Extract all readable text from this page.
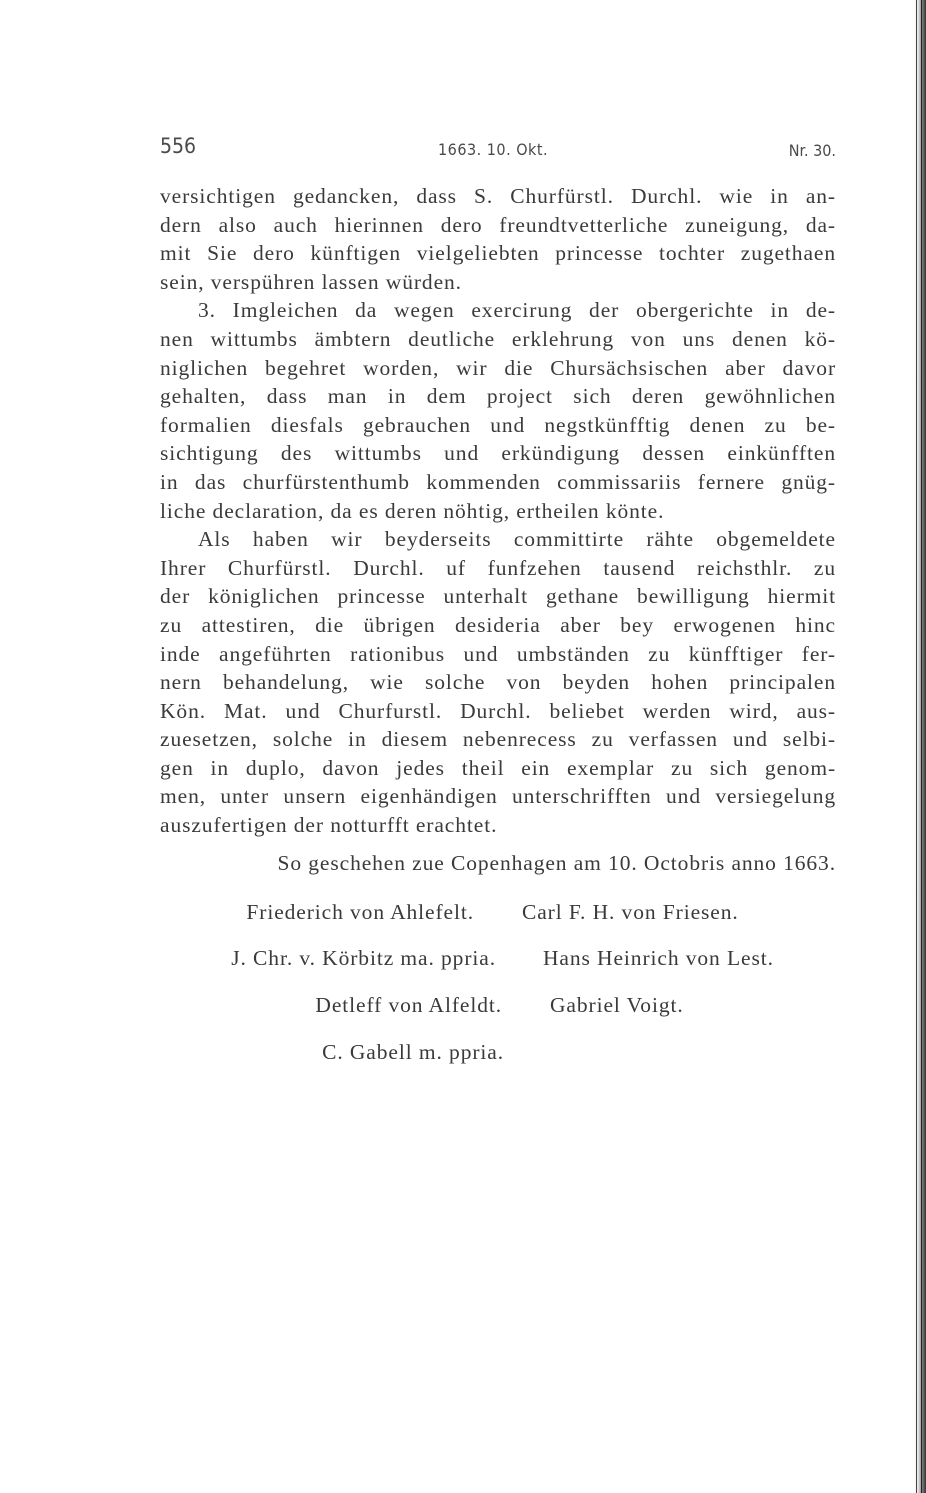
556	1663. 10. Okt.	Nr. 30.
versichtigen gedancken, dass S. Churfürstl. Durchl. wie in an-
dern also auch hierinnen dero freundtvetterliche zuneigung, da-
mit Sie dero künftigen vielgeliebten princesse tochter zugethaen
sein, verspühren lassen würden.
3. Imgleichen da wegen exercirung der obergerichte in de-
nen wittumbs ämbtern deutliche erklehrung von uns denen kö-
niglichen begehret worden, wir die Chursächsischen aber davor
gehalten, dass man in dem project sich deren gewöhnlichen
formalien diesfals gebrauchen und negstkünfftig denen zu be-
sichtigung des wittumbs und erkündigung dessen einkünfften
in das churfürstenthumb kommenden commissariis fernere gnüg-
liche declaration, da es deren nöhtig, ertheilen könte.
Als haben wir beyderseits committirte rähte obgemeldete
Ihrer Churfürstl. Durchl. uf funfzehen tausend reichsthlr. zu
der königlichen princesse unterhalt gethane bewilligung hiermit
zu attestiren, die übrigen desideria aber bey erwogenen hinc
inde angeführten rationibus und umbständen zu künfftiger fer-
nern behandelung, wie solche von beyden hohen principalen
Kön. Mat. und Churfurstl. Durchl. beliebet werden wird, aus-
zuesetzen, solche in diesem nebenrecess zu verfassen und selbi-
gen in duplo, davon jedes theil ein exemplar zu sich genom-
men, unter unsern eigenhändigen unterschrifften und versiegelung
auszufertigen der notturfft erachtet.
So geschehen zue Copenhagen am 10. Octobris anno 1663.
Friederich von Ahlefelt. Carl F. H. von Friesen.
J. Chr. v. Körbitz ma. ppria. Hans Heinrich von Lest.
Detleff von Alfeldt. Gabriel Voigt.
C. Gabell m. ppria.
